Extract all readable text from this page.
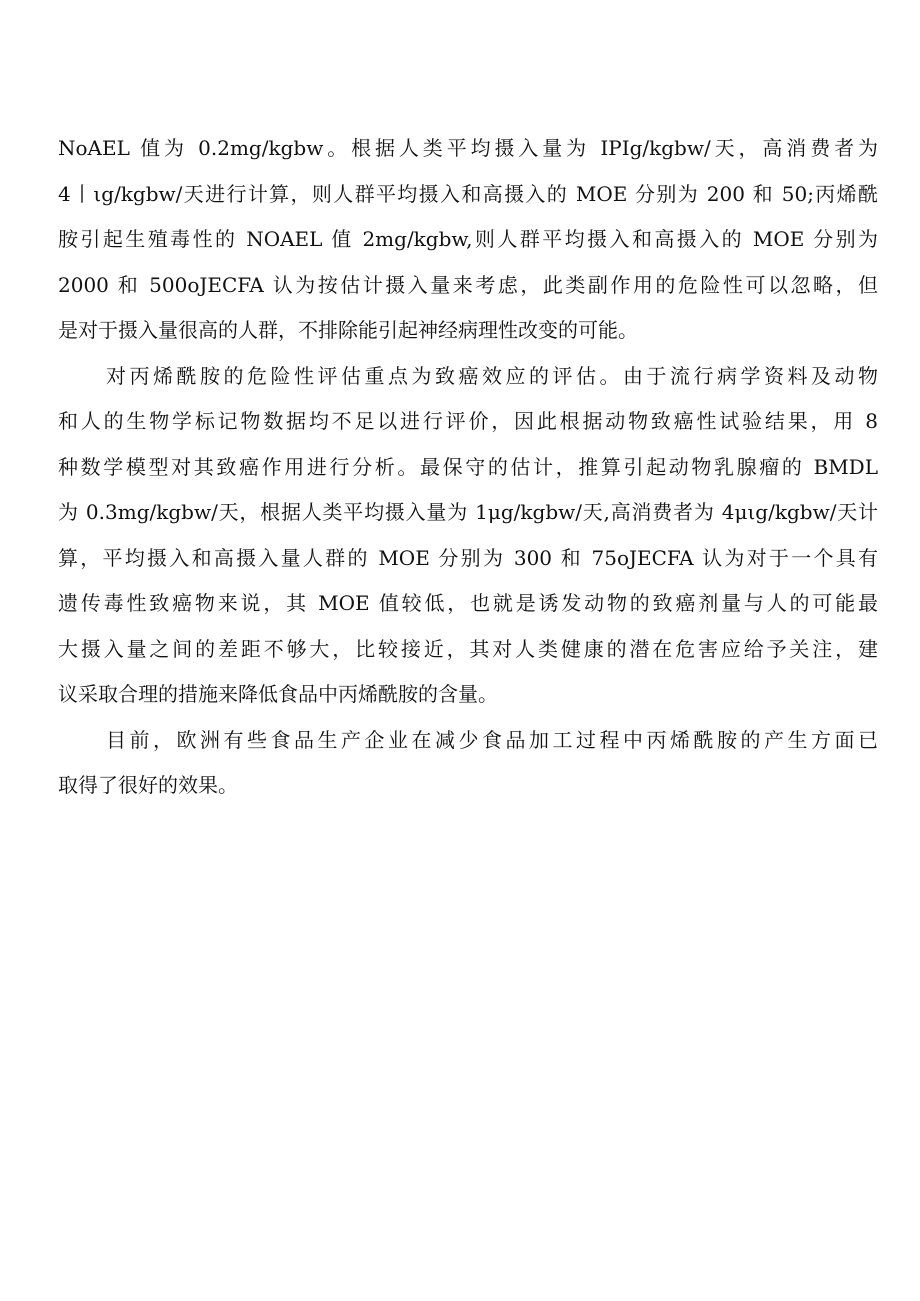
NoAEL 值为 0.2mg/kgbw。根据人类平均摄入量为 IPIg∕kgbw∕天，高消费者为
4丨ιg∕kgbw∕天进行计算，则人群平均摄入和高摄入的 MOE 分别为 200 和 50;丙烯酰
胺引起生殖毒性的 NOAEL 值 2mg∕kgbw,则人群平均摄入和高摄入的 MOE 分别为
2000 和 500oJECFA 认为按估计摄入量来考虑，此类副作用的危险性可以忽略，但
是对于摄入量很高的人群，不排除能引起神经病理性改变的可能。
对丙烯酰胺的危险性评估重点为致癌效应的评估。由于流行病学资料及动物
和人的生物学标记物数据均不足以进行评价，因此根据动物致癌性试验结果，用 8
种数学模型对其致癌作用进行分析。最保守的估计，推算引起动物乳腺瘤的 BMDL
为 0.3mg/kgbw∕天，根据人类平均摄入量为 1μg∕kgbw∕天,高消费者为 4μιg∕kgbw∕天计
算，平均摄入和高摄入量人群的 MOE 分别为 300 和 75oJECFA 认为对于一个具有
遗传毒性致癌物来说，其 MOE 值较低，也就是诱发动物的致癌剂量与人的可能最
大摄入量之间的差距不够大，比较接近，其对人类健康的潜在危害应给予关注，建
议采取合理的措施来降低食品中丙烯酰胺的含量。
目前，欧洲有些食品生产企业在减少食品加工过程中丙烯酰胺的产生方面已
取得了很好的效果。
